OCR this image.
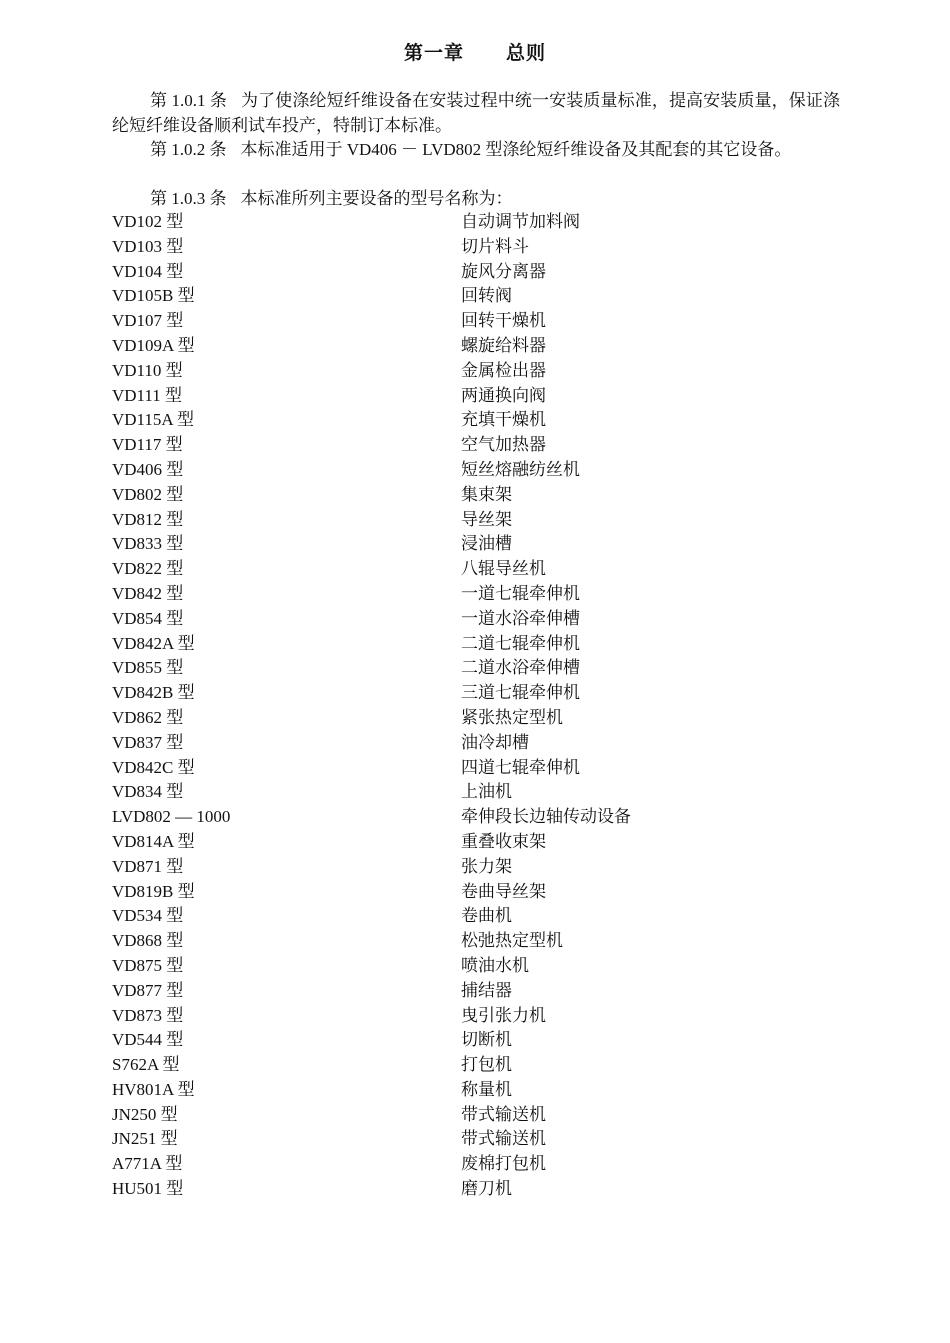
第一章 总则

第 1.0.1 条 为了使涤纶短纤维设备在安装过程中统一安装质量标准，提高安装质量，保证涤纶短纤维设备顺利试车投产，特制订本标准。

第 1.0.2 条 本标准适用于 VD406 － LVD802 型涤纶短纤维设备及其配套的其它设备。

第 1.0.3 条 本标准所列主要设备的型号名称为：

VD102 型	自动调节加料阀
VD103 型	切片料斗
VD104 型	旋风分离器
VD105B 型	回转阀
VD107 型	回转干燥机
VD109A 型	螺旋给料器
VD110 型	金属检出器
VD111 型	两通换向阀
VD115A 型	充填干燥机
VD117 型	空气加热器
VD406 型	短丝熔融纺丝机
VD802 型	集束架
VD812 型	导丝架
VD833 型	浸油槽
VD822 型	八辊导丝机
VD842 型	一道七辊牵伸机
VD854 型	一道水浴牵伸槽
VD842A 型	二道七辊牵伸机
VD855 型	二道水浴牵伸槽
VD842B 型	三道七辊牵伸机
VD862 型	紧张热定型机
VD837 型	油冷却槽
VD842C 型	四道七辊牵伸机
VD834 型	上油机
LVD802 — 1000	牵伸段长边轴传动设备
VD814A 型	重叠收束架
VD871 型	张力架
VD819B 型	卷曲导丝架
VD534 型	卷曲机
VD868 型	松弛热定型机
VD875 型	喷油水机
VD877 型	捕结器
VD873 型	曳引张力机
VD544 型	切断机
S762A 型	打包机
HV801A 型	称量机
JN250 型	带式输送机
JN251 型	带式输送机
A771A 型	废棉打包机
HU501 型	磨刀机
